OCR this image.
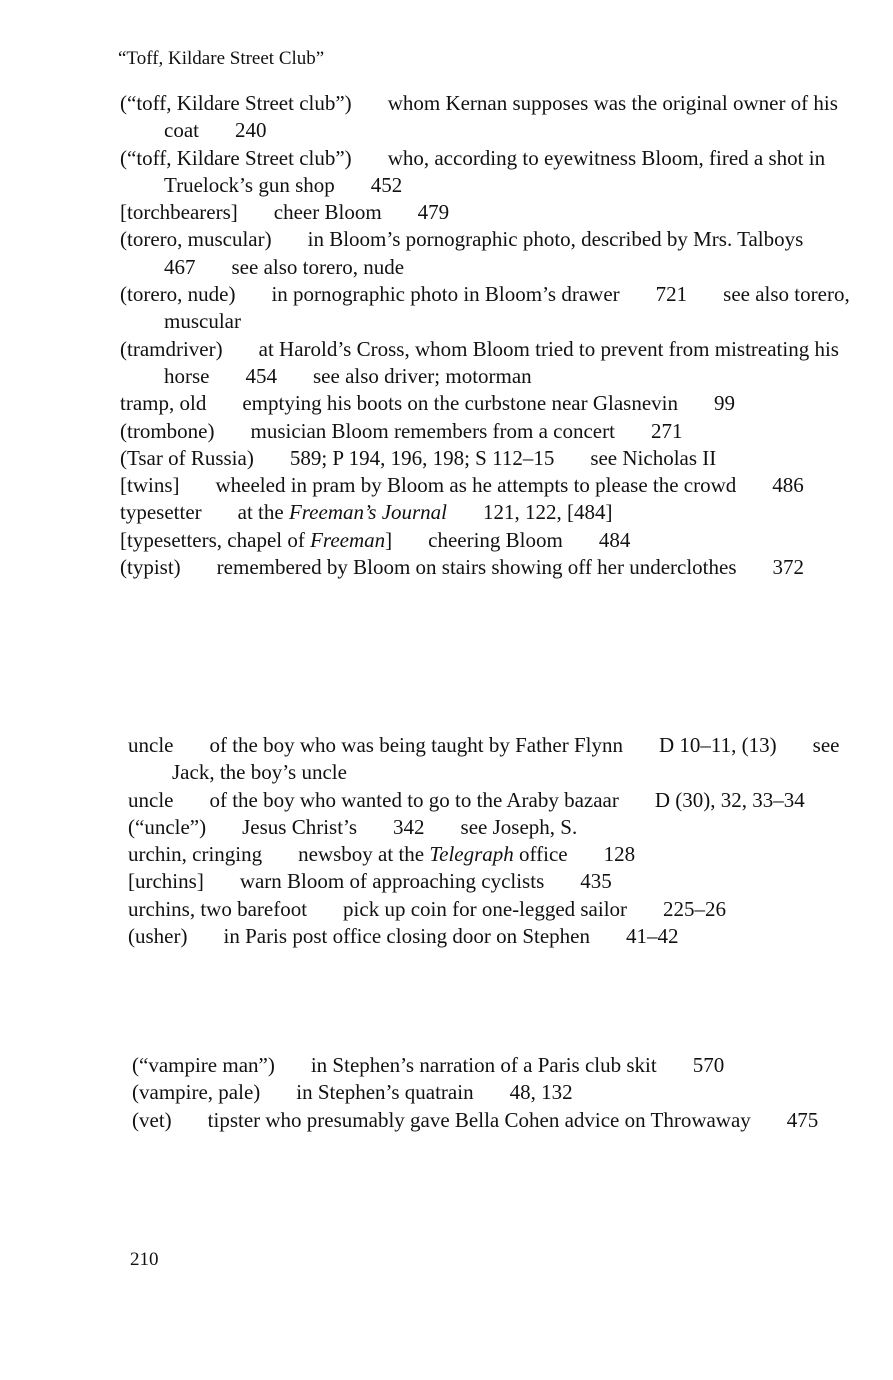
“Toff, Kildare Street Club”

(“toff, Kildare Street club”) whom Kernan supposes was the original owner of his coat 240

(“toff, Kildare Street club”) who, according to eyewitness Bloom, fired a shot in Truelock’s gun shop 452

[torchbearers] cheer Bloom 479

(torero, muscular) in Bloom’s pornographic photo, described by Mrs. Talboys467 see also torero, nude

(torero, nude) in pornographic photo in Bloom’s drawer 721 see also torero, muscular

(tramdriver) at Harold’s Cross, whom Bloom tried to prevent from mistreating his horse 454 see also driver; motorman

tramp, old emptying his boots on the curbstone near Glasnevin 99

(trombone) musician Bloom remembers from a concert 271

(Tsar of Russia) 589; P 194, 196, 198; S 112–15 see Nicholas II

[twins] wheeled in pram by Bloom as he attempts to please the crowd 486

typesetter at the Freeman’s Journal 121, 122, [484]

[typesetters, chapel of Freeman] cheering Bloom 484

(typist) remembered by Bloom on stairs showing off her underclothes 372

uncle of the boy who was being taught by Father Flynn D 10–11, (13) see Jack, the boy’s uncle

uncle of the boy who wanted to go to the Araby bazaar D (30), 32, 33–34

(“uncle”) Jesus Christ’s 342 see Joseph, S.

urchin, cringing newsboy at the Telegraph office 128

[urchins] warn Bloom of approaching cyclists 435

urchins, two barefoot pick up coin for one-legged sailor 225–26

(usher) in Paris post office closing door on Stephen 41–42

(“vampire man”) in Stephen’s narration of a Paris club skit 570

(vampire, pale) in Stephen’s quatrain 48, 132

(vet) tipster who presumably gave Bella Cohen advice on Throwaway 475

210
